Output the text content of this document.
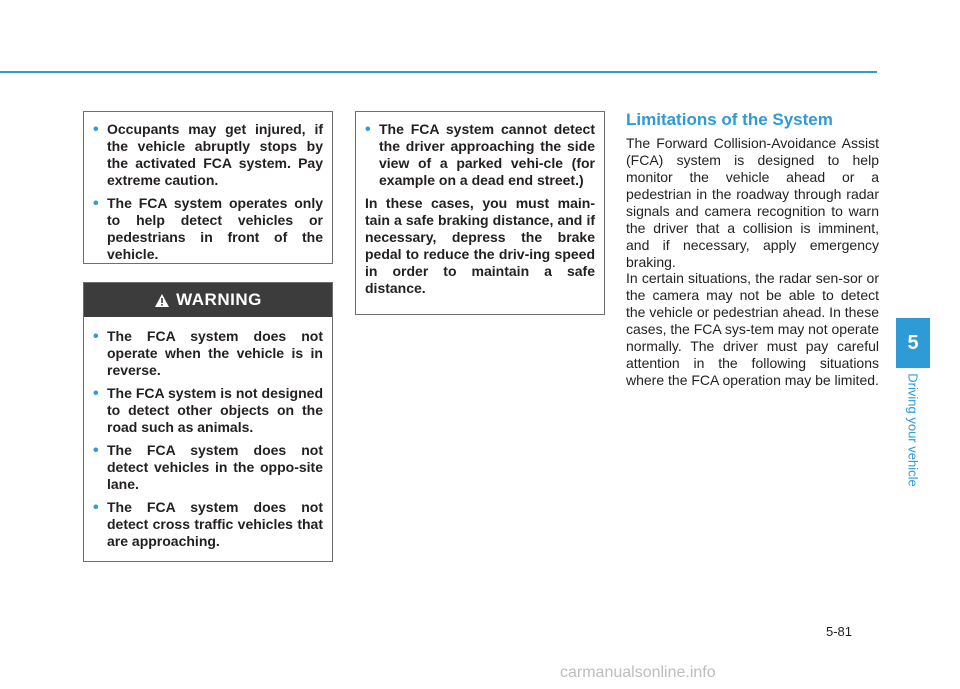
• Occupants may get injured, if the vehicle abruptly stops by the activated FCA system. Pay extreme caution.
• The FCA system operates only to help detect vehicles or pedestrians in front of the vehicle.
WARNING
• The FCA system does not operate when the vehicle is in reverse.
• The FCA system is not designed to detect other objects on the road such as animals.
• The FCA system does not detect vehicles in the oppo-site lane.
• The FCA system does not detect cross traffic vehicles that are approaching.
• The FCA system cannot detect the driver approaching the side view of a parked vehi-cle (for example on a dead end street.)

In these cases, you must main-tain a safe braking distance, and if necessary, depress the brake pedal to reduce the driv-ing speed in order to maintain a safe distance.

Limitations of the System

The Forward Collision-Avoidance Assist (FCA) system is designed to help monitor the vehicle ahead or a pedestrian in the roadway through radar signals and camera recognition to warn the driver that a collision is imminent, and if necessary, apply emergency braking.

In certain situations, the radar sen-sor or the camera may not be able to detect the vehicle or pedestrian ahead. In these cases, the FCA sys-tem may not operate normally. The driver must pay careful attention in the following situations where the FCA operation may be limited.

5
Driving your vehicle
5-81
carmanualsonline.info
